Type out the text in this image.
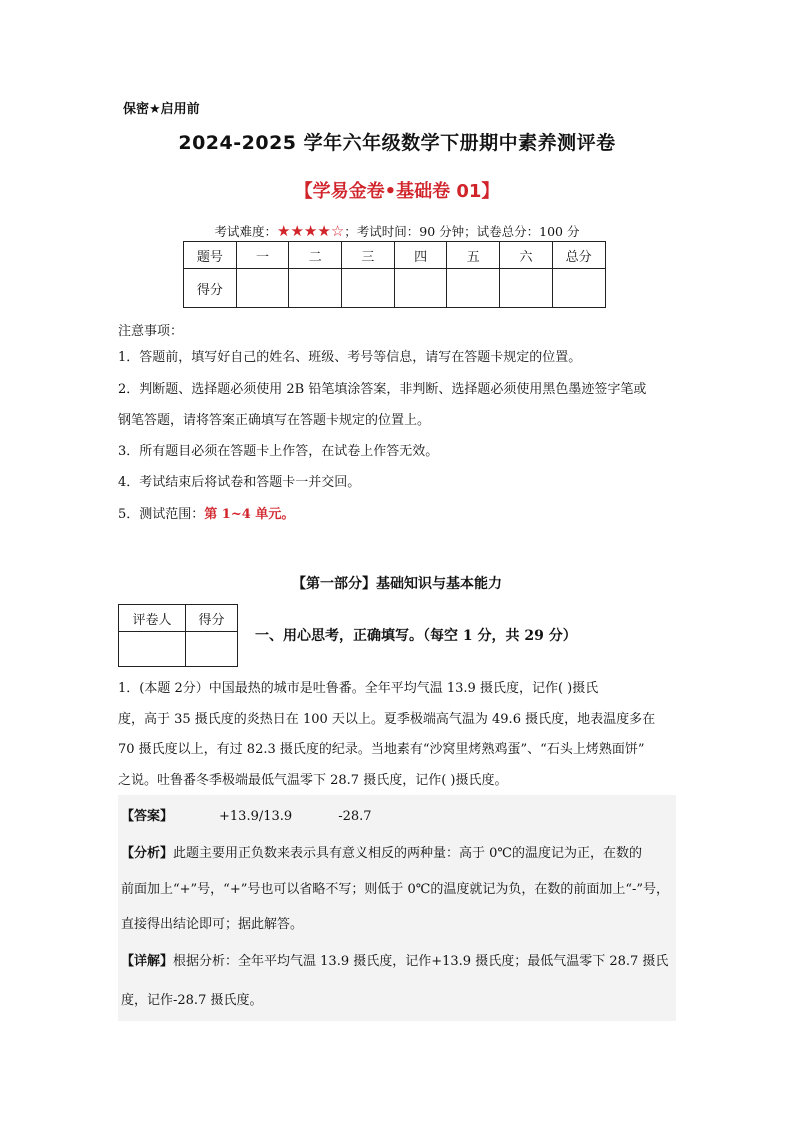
保密★启用前
2024-2025 学年六年级数学下册期中素养测评卷
【学易金卷•基础卷 01】
考试难度：★★★★☆；考试时间：90 分钟；试卷总分：100 分
题号	一	二	三	四	五	六	总分
得分							
注意事项：
1．答题前，填写好自己的姓名、班级、考号等信息，请写在答题卡规定的位置。
2．判断题、选择题必须使用 2B 铅笔填涂答案，非判断、选择题必须使用黑色墨迹签字笔或
钢笔答题，请将答案正确填写在答题卡规定的位置上。
3．所有题目必须在答题卡上作答，在试卷上作答无效。
4．考试结束后将试卷和答题卡一并交回。
5．测试范围：第 1~4 单元。
【第一部分】基础知识与基本能力
评卷人	得分

一、用心思考，正确填写。（每空 1 分，共 29 分）
1．(本题 2分）中国最热的城市是吐鲁番。全年平均气温 13.9 摄氏度，记作( )摄氏
度，高于 35 摄氏度的炎热日在 100 天以上。夏季极端高气温为 49.6 摄氏度，地表温度多在
70 摄氏度以上，有过 82.3 摄氏度的纪录。当地素有“沙窝里烤熟鸡蛋”、“石头上烤熟面饼”
之说。吐鲁番冬季极端最低气温零下 28.7 摄氏度，记作( )摄氏度。
【答案】	+13.9/13.9	-28.7
【分析】此题主要用正负数来表示具有意义相反的两种量：高于 0℃的温度记为正，在数的
前面加上“+”号，“+”号也可以省略不写；则低于 0℃的温度就记为负，在数的前面加上“-”号，
直接得出结论即可；据此解答。
【详解】根据分析：全年平均气温 13.9 摄氏度，记作+13.9 摄氏度；最低气温零下 28.7 摄氏
度，记作-28.7 摄氏度。
